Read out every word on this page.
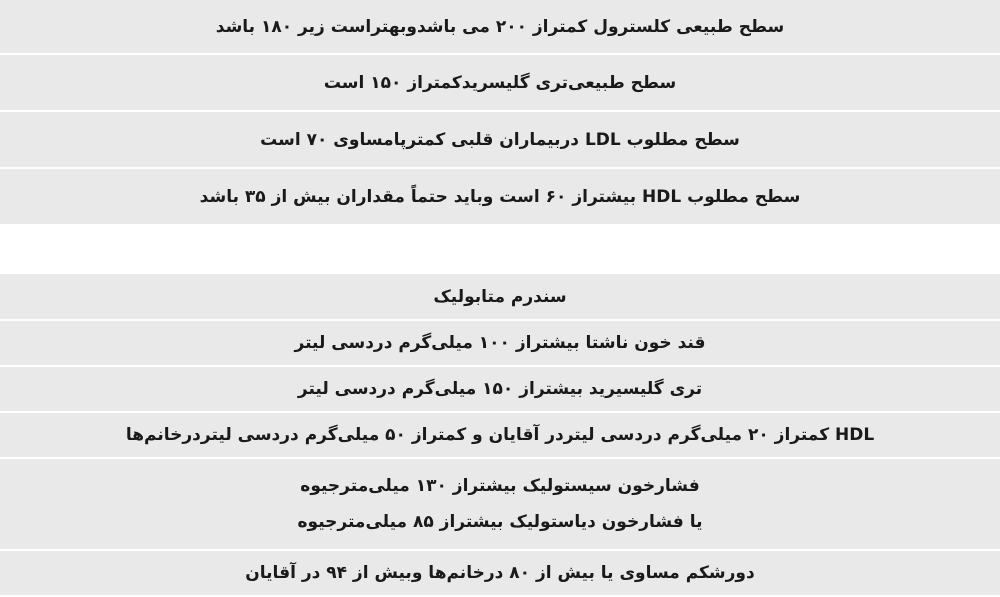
سطح طبیعی کلسترول کمتراز ۲۰۰ می باشدوبهتراست زیر ۱۸۰ باشد
سطح طبیعی‌تری گلیسرید‌کمتراز ۱۵۰ است
سطح مطلوب LDL دربیماران قلبی کمترپامساوی ۷۰ است
سطح مطلوب HDL بیشتراز ۶۰ است وباید حتماً مقداران بیش از ۳۵ باشد
سندرم متابولیک
قند خون ناشتا بیشتراز ۱۰۰ میلی‌گرم دردسی لیتر
تری گلیسیرید بیشتراز ۱۵۰ میلی‌گرم دردسی لیتر
HDL کمتراز ۲۰ میلی‌گرم دردسی لیتردر آقایان و کمتراز ۵۰ میلی‌گرم دردسی لیتردرخانم‌ها
فشارخون سیستولیک بیشتراز ۱۳۰ میلی‌مترجیوه
یا فشارخون دیاستولیک بیشتراز ۸۵ میلی‌مترجیوه
دورشکم مساوی یا بیش از ۸۰ درخانم‌ها وبیش از ۹۴ در آقایان
